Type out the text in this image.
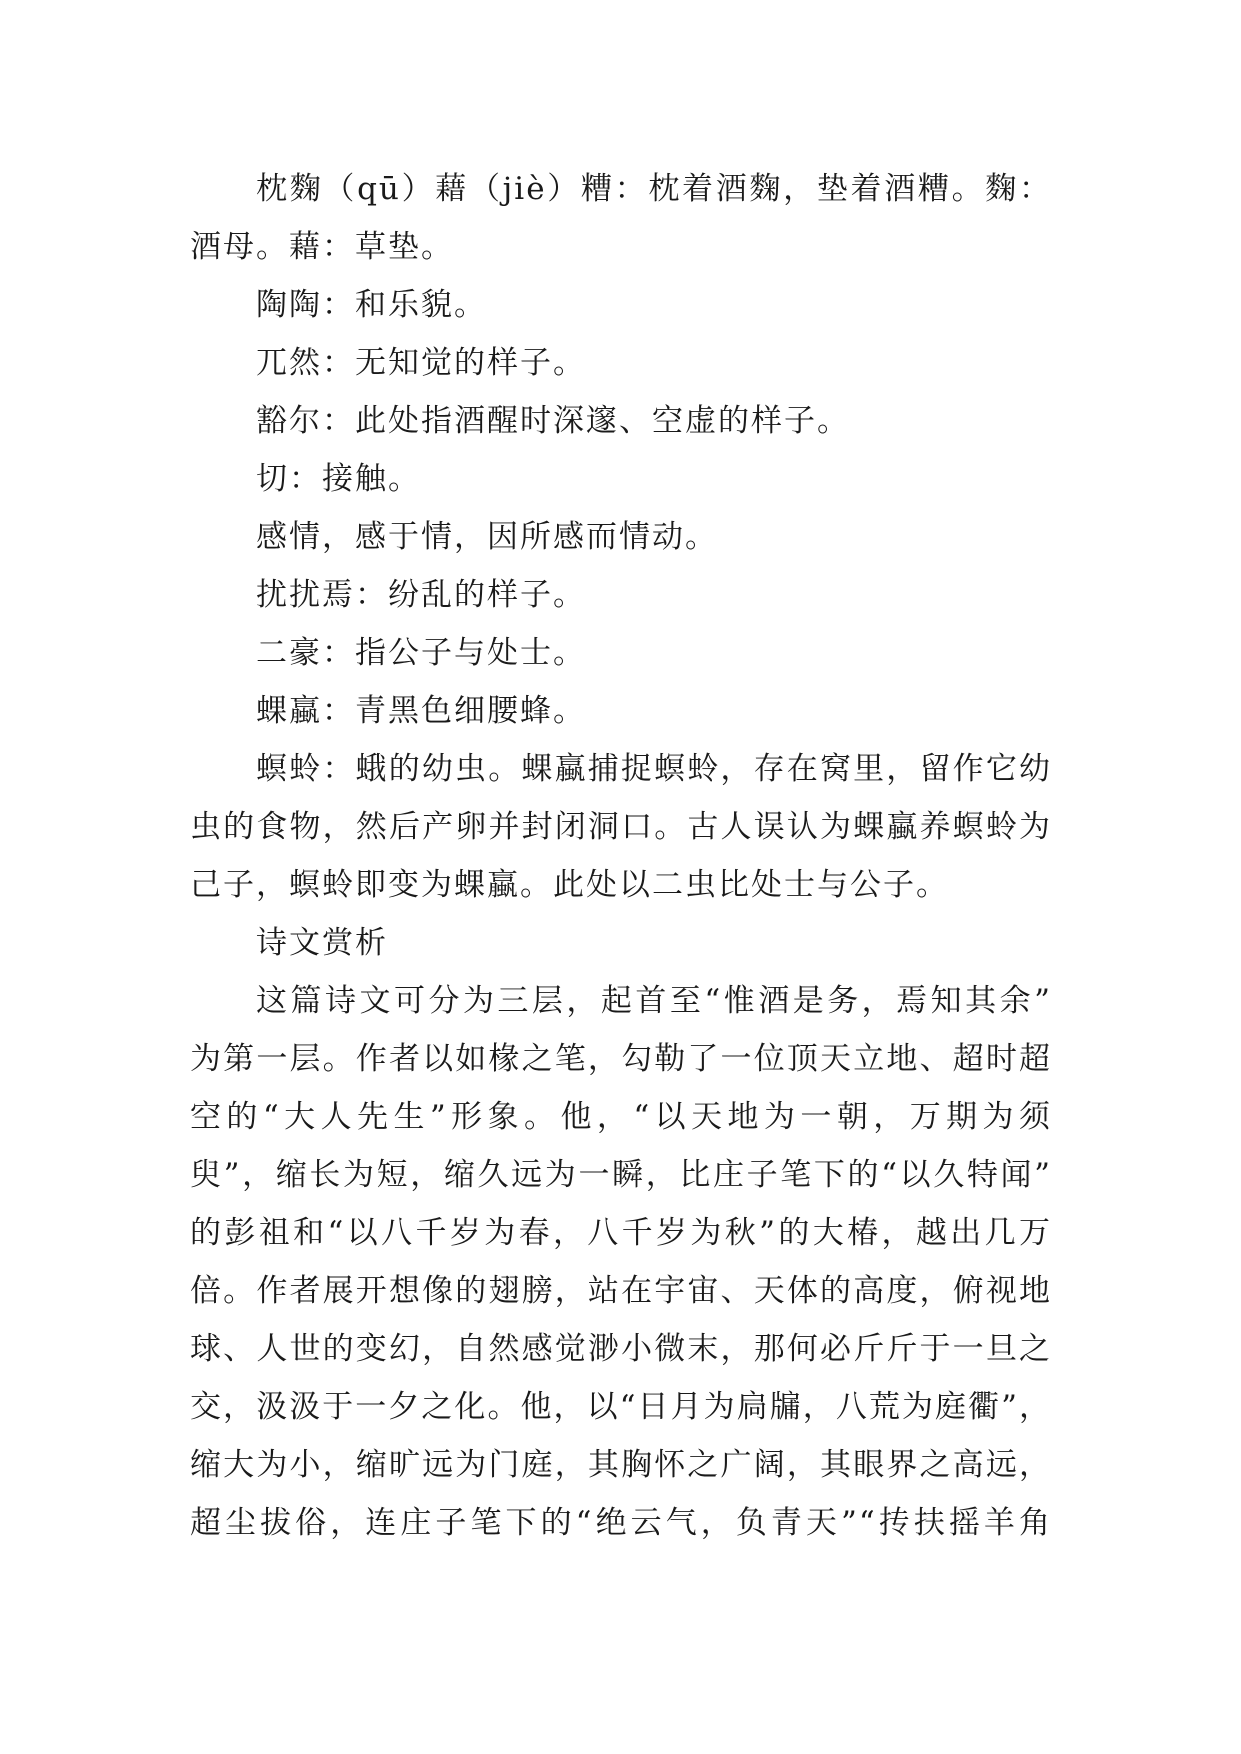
枕麴（qū）藉（jiè）糟：枕着酒麴，垫着酒糟。麴：
酒母。藉：草垫。
陶陶：和乐貌。
兀然：无知觉的样子。
豁尔：此处指酒醒时深邃、空虚的样子。
切：接触。
感情，感于情，因所感而情动。
扰扰焉：纷乱的样子。
二豪：指公子与处士。
蜾蠃：青黑色细腰蜂。
螟蛉：蛾的幼虫。蜾蠃捕捉螟蛉，存在窝里，留作它幼
虫的食物，然后产卵并封闭洞口。古人误认为蜾蠃养螟蛉为
己子，螟蛉即变为蜾蠃。此处以二虫比处士与公子。
诗文赏析
这篇诗文可分为三层，起首至“惟酒是务，焉知其余”
为第一层。作者以如椽之笔，勾勒了一位顶天立地、超时超
空的“大人先生”形象。他，“以天地为一朝，万期为须
臾”，缩长为短，缩久远为一瞬，比庄子笔下的“以久特闻”
的彭祖和“以八千岁为春，八千岁为秋”的大椿，越出几万
倍。作者展开想像的翅膀，站在宇宙、天体的高度，俯视地
球、人世的变幻，自然感觉渺小微末，那何必斤斤于一旦之
交，汲汲于一夕之化。他，以“日月为扃牖，八荒为庭衢”，
缩大为小，缩旷远为门庭，其胸怀之广阔，其眼界之高远，
超尘拔俗，连庄子笔下的“绝云气，负青天”“抟扶摇羊角
